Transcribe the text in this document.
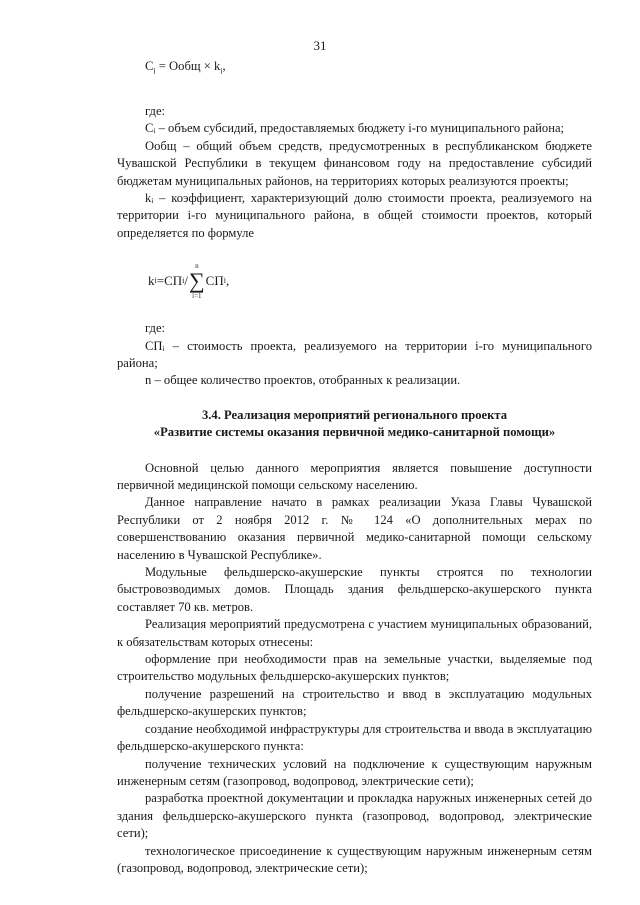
31

$C_i$ = Ообщ × $k_i$,

где:

Cᵢ – объем субсидий, предоставляемых бюджету i-го муниципального района;

Ообщ – общий объем средств, предусмотренных в республиканском бюджете Чувашской Республики в текущем финансовом году на предоставление субсидий бюджетам муниципальных районов, на территориях которых реализуются проекты;

kᵢ – коэффициент, характеризующий долю стоимости проекта, реализуемого на территории i-го муниципального района, в общей стоимости проектов, который определяется по формуле

k i =СП i /
n
∑
i=1
СП i ,

где:

СПᵢ – стоимость проекта, реализуемого на территории i-го муниципального района;

n – общее количество проектов, отобранных к реализации.

3.4. Реализация мероприятий регионального проекта

«Развитие системы оказания первичной медико-санитарной помощи»

Основной целью данного мероприятия является повышение доступности первичной медицинской помощи сельскому населению.

Данное направление начато в рамках реализации Указа Главы Чувашской Республики от 2 ноября 2012 г. № 124 «О дополнительных мерах по совершенствованию оказания первичной медико-санитарной помощи сельскому населению в Чувашской Республике».

Модульные фельдшерско-акушерские пункты строятся по технологии быстровозводимых домов. Площадь здания фельдшерско-акушерского пункта составляет 70 кв. метров.

Реализация мероприятий предусмотрена с участием муниципальных образований, к обязательствам которых отнесены:

оформление при необходимости прав на земельные участки, выделяемые под строительство модульных фельдшерско-акушерских пунктов;

получение разрешений на строительство и ввод в эксплуатацию модульных фельдшерско-акушерских пунктов;

создание необходимой инфраструктуры для строительства и ввода в эксплуатацию фельдшерско-акушерского пункта:

получение технических условий на подключение к существующим наружным инженерным сетям (газопровод, водопровод, электрические сети);

разработка проектной документации и прокладка наружных инженерных сетей до здания фельдшерско-акушерского пункта (газопровод, водопровод, электрические сети);

технологическое присоединение к существующим наружным инженерным сетям (газопровод, водопровод, электрические сети);
